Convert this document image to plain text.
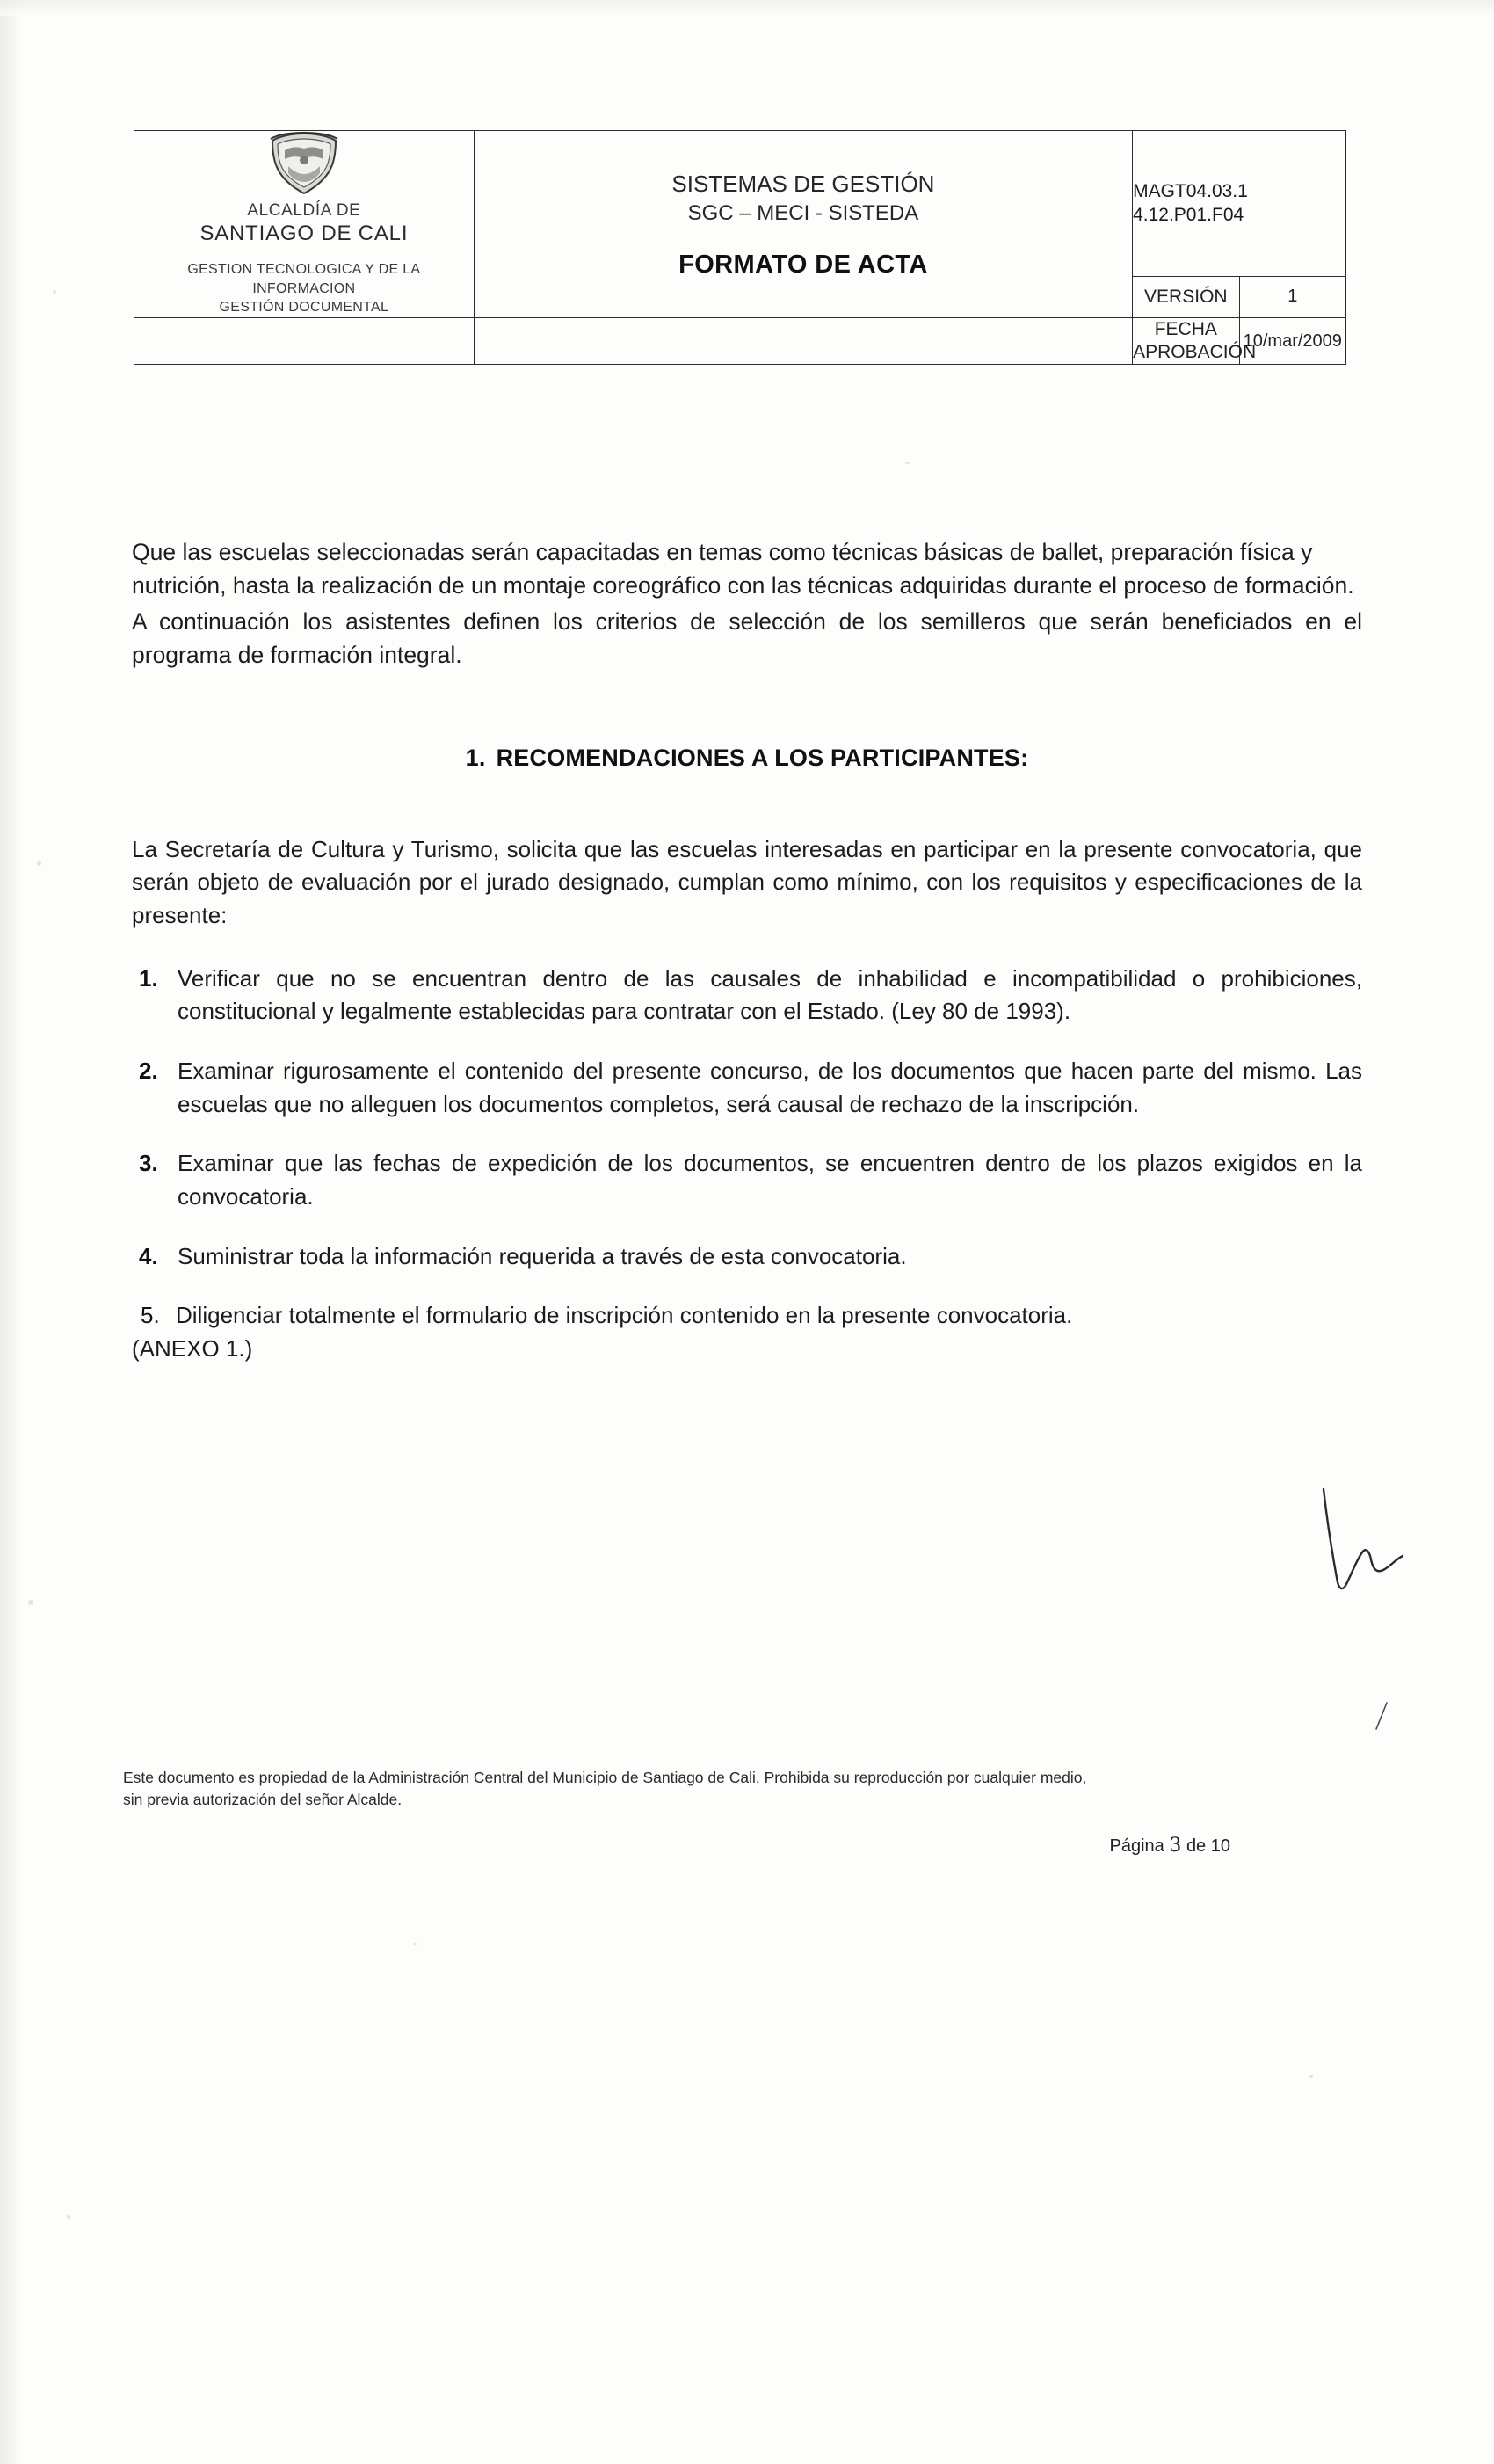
ALCALDÍA DE
SANTIAGO DE CALI
GESTION TECNOLOGICA Y DE LA
INFORMACION
GESTIÓN DOCUMENTAL

SISTEMAS DE GESTIÓN
SGC – MECI - SISTEDA
FORMATO DE ACTA

MAGT04.03.1
4.12.P01.F04

		VERSIÓN	1

		FECHA
APROBACIÓN	10/mar/2009

Que las escuelas seleccionadas serán capacitadas en temas como técnicas básicas de ballet, preparación física y nutrición, hasta la realización de un montaje coreográfico con las técnicas adquiridas durante el proceso de formación.

A continuación los asistentes definen los criterios de selección de los semilleros que serán beneficiados en el programa de formación integral.

1. RECOMENDACIONES A LOS PARTICIPANTES:

La Secretaría de Cultura y Turismo, solicita que las escuelas interesadas en participar en la presente convocatoria, que serán objeto de evaluación por el jurado designado, cumplan como mínimo, con los requisitos y especificaciones de la presente:

1. Verificar que no se encuentran dentro de las causales de inhabilidad e incompatibilidad o prohibiciones, constitucional y legalmente establecidas para contratar con el Estado. (Ley 80 de 1993).
2. Examinar rigurosamente el contenido del presente concurso, de los documentos que hacen parte del mismo. Las escuelas que no alleguen los documentos completos, será causal de rechazo de la inscripción.
3. Examinar que las fechas de expedición de los documentos, se encuentren dentro de los plazos exigidos en la convocatoria.
4. Suministrar toda la información requerida a través de esta convocatoria.
5. Diligenciar totalmente el formulario de inscripción contenido en la presente convocatoria.
(ANEXO 1.)

Este documento es propiedad de la Administración Central del Municipio de Santiago de Cali. Prohibida su reproducción por cualquier medio,

sin previa autorización del señor Alcalde.

Página 3 de 10
